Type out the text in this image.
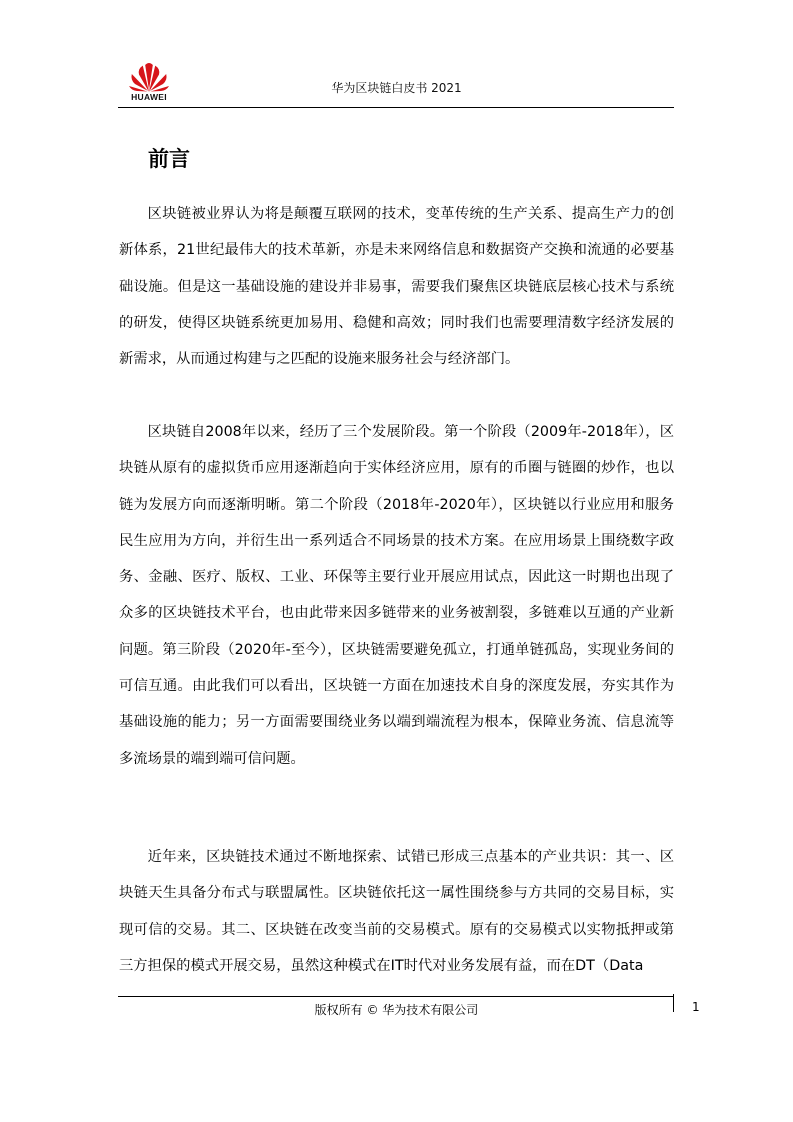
HUAWEI
华为区块链白皮书 2021
前言

区块链被业界认为将是颠覆互联网的技术，变革传统的生产关系、提高生产力的创新体系，21世纪最伟大的技术革新，亦是未来网络信息和数据资产交换和流通的必要基础设施。但是这一基础设施的建设并非易事，需要我们聚焦区块链底层核心技术与系统的研发，使得区块链系统更加易用、稳健和高效；同时我们也需要理清数字经济发展的新需求，从而通过构建与之匹配的设施来服务社会与经济部门。

区块链自2008年以来，经历了三个发展阶段。第一个阶段（2009年-2018年），区块链从原有的虚拟货币应用逐渐趋向于实体经济应用，原有的币圈与链圈的炒作，也以链为发展方向而逐渐明晰。第二个阶段（2018年-2020年），区块链以行业应用和服务民生应用为方向，并衍生出一系列适合不同场景的技术方案。在应用场景上围绕数字政务、金融、医疗、版权、工业、环保等主要行业开展应用试点，因此这一时期也出现了众多的区块链技术平台，也由此带来因多链带来的业务被割裂，多链难以互通的产业新问题。第三阶段（2020年-至今），区块链需要避免孤立，打通单链孤岛，实现业务间的可信互通。由此我们可以看出，区块链一方面在加速技术自身的深度发展，夯实其作为基础设施的能力；另一方面需要围绕业务以端到端流程为根本，保障业务流、信息流等多流场景的端到端可信问题。

近年来，区块链技术通过不断地探索、试错已形成三点基本的产业共识：其一、区块链天生具备分布式与联盟属性。区块链依托这一属性围绕参与方共同的交易目标，实现可信的交易。其二、区块链在改变当前的交易模式。原有的交易模式以实物抵押或第三方担保的模式开展交易，虽然这种模式在IT时代对业务发展有益，而在DT（Data

版权所有 © 华为技术有限公司	1
